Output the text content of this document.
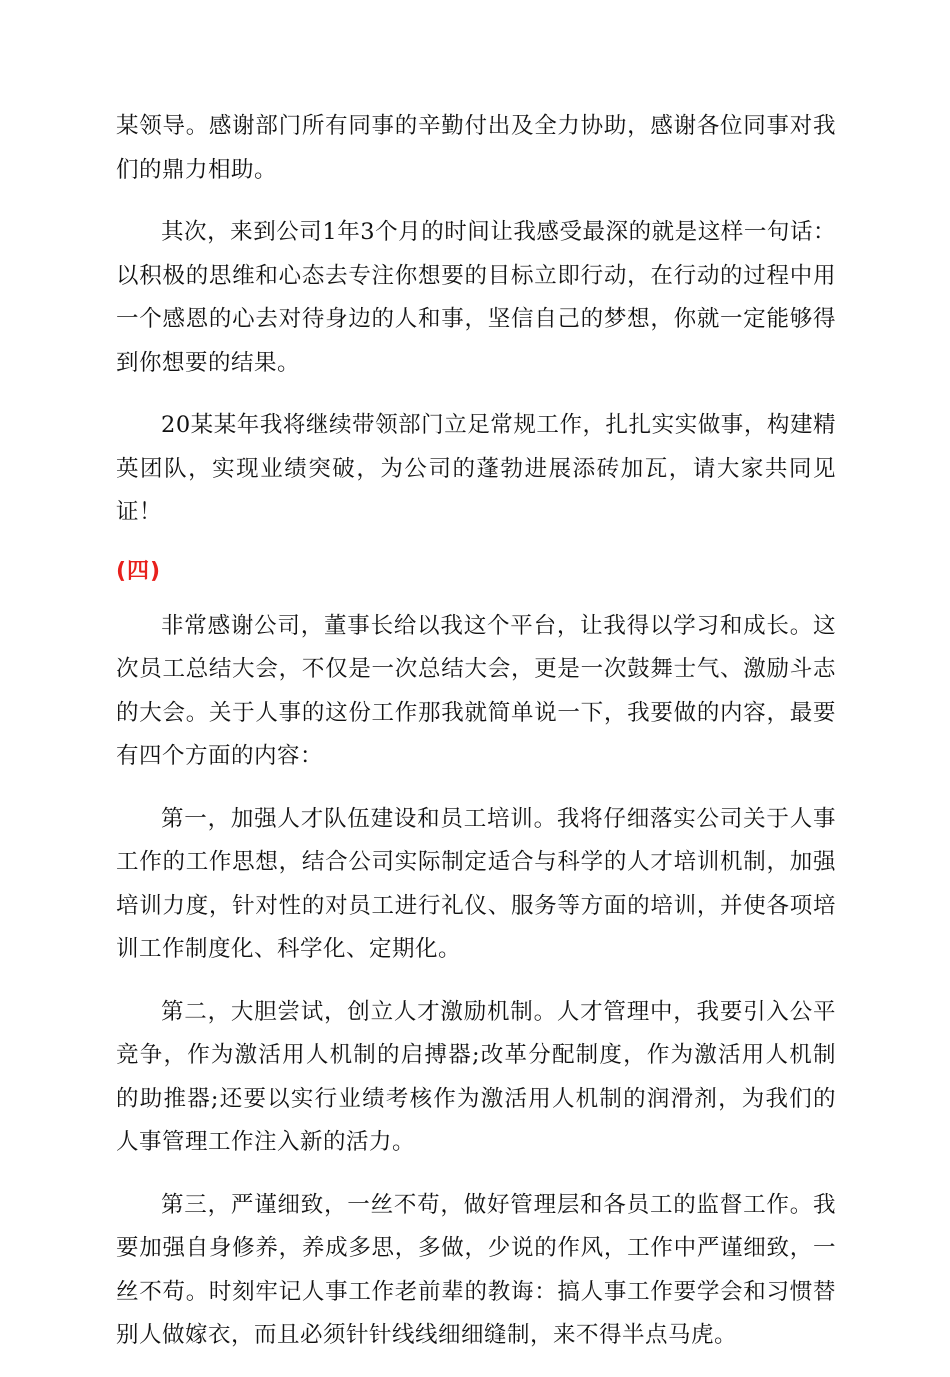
某领导。感谢部门所有同事的辛勤付出及全力协助，感谢各位同事对我们的鼎力相助。

其次，来到公司1年3个月的时间让我感受最深的就是这样一句话：以积极的思维和心态去专注你想要的目标立即行动，在行动的过程中用一个感恩的心去对待身边的人和事，坚信自己的梦想，你就一定能够得到你想要的结果。

20某某年我将继续带领部门立足常规工作，扎扎实实做事，构建精英团队，实现业绩突破，为公司的蓬勃进展添砖加瓦，请大家共同见证！

(四)

非常感谢公司，董事长给以我这个平台，让我得以学习和成长。这次员工总结大会，不仅是一次总结大会，更是一次鼓舞士气、激励斗志的大会。关于人事的这份工作那我就简单说一下，我要做的内容，最要有四个方面的内容：

第一，加强人才队伍建设和员工培训。我将仔细落实公司关于人事工作的工作思想，结合公司实际制定适合与科学的人才培训机制，加强培训力度，针对性的对员工进行礼仪、服务等方面的培训，并使各项培训工作制度化、科学化、定期化。

第二，大胆尝试，创立人才激励机制。人才管理中，我要引入公平竞争，作为激活用人机制的启搏器;改革分配制度，作为激活用人机制的助推器;还要以实行业绩考核作为激活用人机制的润滑剂，为我们的人事管理工作注入新的活力。

第三，严谨细致，一丝不苟，做好管理层和各员工的监督工作。我要加强自身修养，养成多思，多做，少说的作风，工作中严谨细致，一丝不苟。时刻牢记人事工作老前辈的教诲：搞人事工作要学会和习惯替别人做嫁衣，而且必须针针线线细细缝制，来不得半点马虎。
